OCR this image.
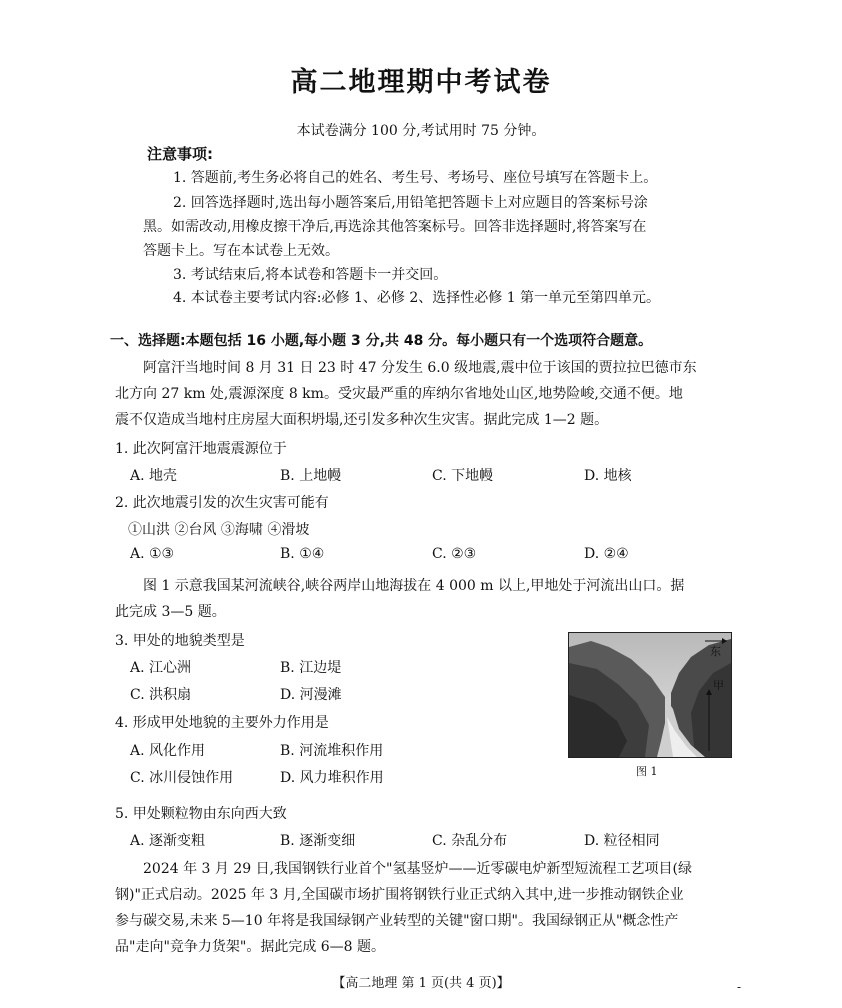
高二地理期中考试卷
本试卷满分 100 分,考试用时 75 分钟。
注意事项:
1. 答题前,考生务必将自己的姓名、考生号、考场号、座位号填写在答题卡上。
2. 回答选择题时,选出每小题答案后,用铅笔把答题卡上对应题目的答案标号涂
黑。如需改动,用橡皮擦干净后,再选涂其他答案标号。回答非选择题时,将答案写在
答题卡上。写在本试卷上无效。
3. 考试结束后,将本试卷和答题卡一并交回。
4. 本试卷主要考试内容:必修 1、必修 2、选择性必修 1 第一单元至第四单元。
一、选择题:本题包括 16 小题,每小题 3 分,共 48 分。每小题只有一个选项符合题意。
阿富汗当地时间 8 月 31 日 23 时 47 分发生 6.0 级地震,震中位于该国的贾拉拉巴德市东
北方向 27 km 处,震源深度 8 km。受灾最严重的库纳尔省地处山区,地势险峻,交通不便。地
震不仅造成当地村庄房屋大面积坍塌,还引发多种次生灾害。据此完成 1—2 题。
1. 此次阿富汗地震震源位于
A. 地壳	B. 上地幔	C. 下地幔	D. 地核
2. 此次地震引发的次生灾害可能有
①山洪 ②台风 ③海啸 ④滑坡
A. ①③	B. ①④	C. ②③	D. ②④
图 1 示意我国某河流峡谷,峡谷两岸山地海拔在 4 000 m 以上,甲地处于河流出山口。据
此完成 3—5 题。
3. 甲处的地貌类型是
A. 江心洲	B. 江边堤
C. 洪积扇	D. 河漫滩
4. 形成甲处地貌的主要外力作用是
A. 风化作用	B. 河流堆积作用
C. 冰川侵蚀作用	D. 风力堆积作用
5. 甲处颗粒物由东向西大致
A. 逐渐变粗	B. 逐渐变细	C. 杂乱分布	D. 粒径相同
2024 年 3 月 29 日,我国钢铁行业首个"氢基竖炉——近零碳电炉新型短流程工艺项目(绿
钢)"正式启动。2025 年 3 月,全国碳市场扩围将钢铁行业正式纳入其中,进一步推动钢铁企业
参与碳交易,未来 5—10 年将是我国绿钢产业转型的关键"窗口期"。我国绿钢正从"概念性产
品"走向"竞争力货架"。据此完成 6—8 题。
东
甲
图 1
【高二地理 第 1 页(共 4 页)】	-
